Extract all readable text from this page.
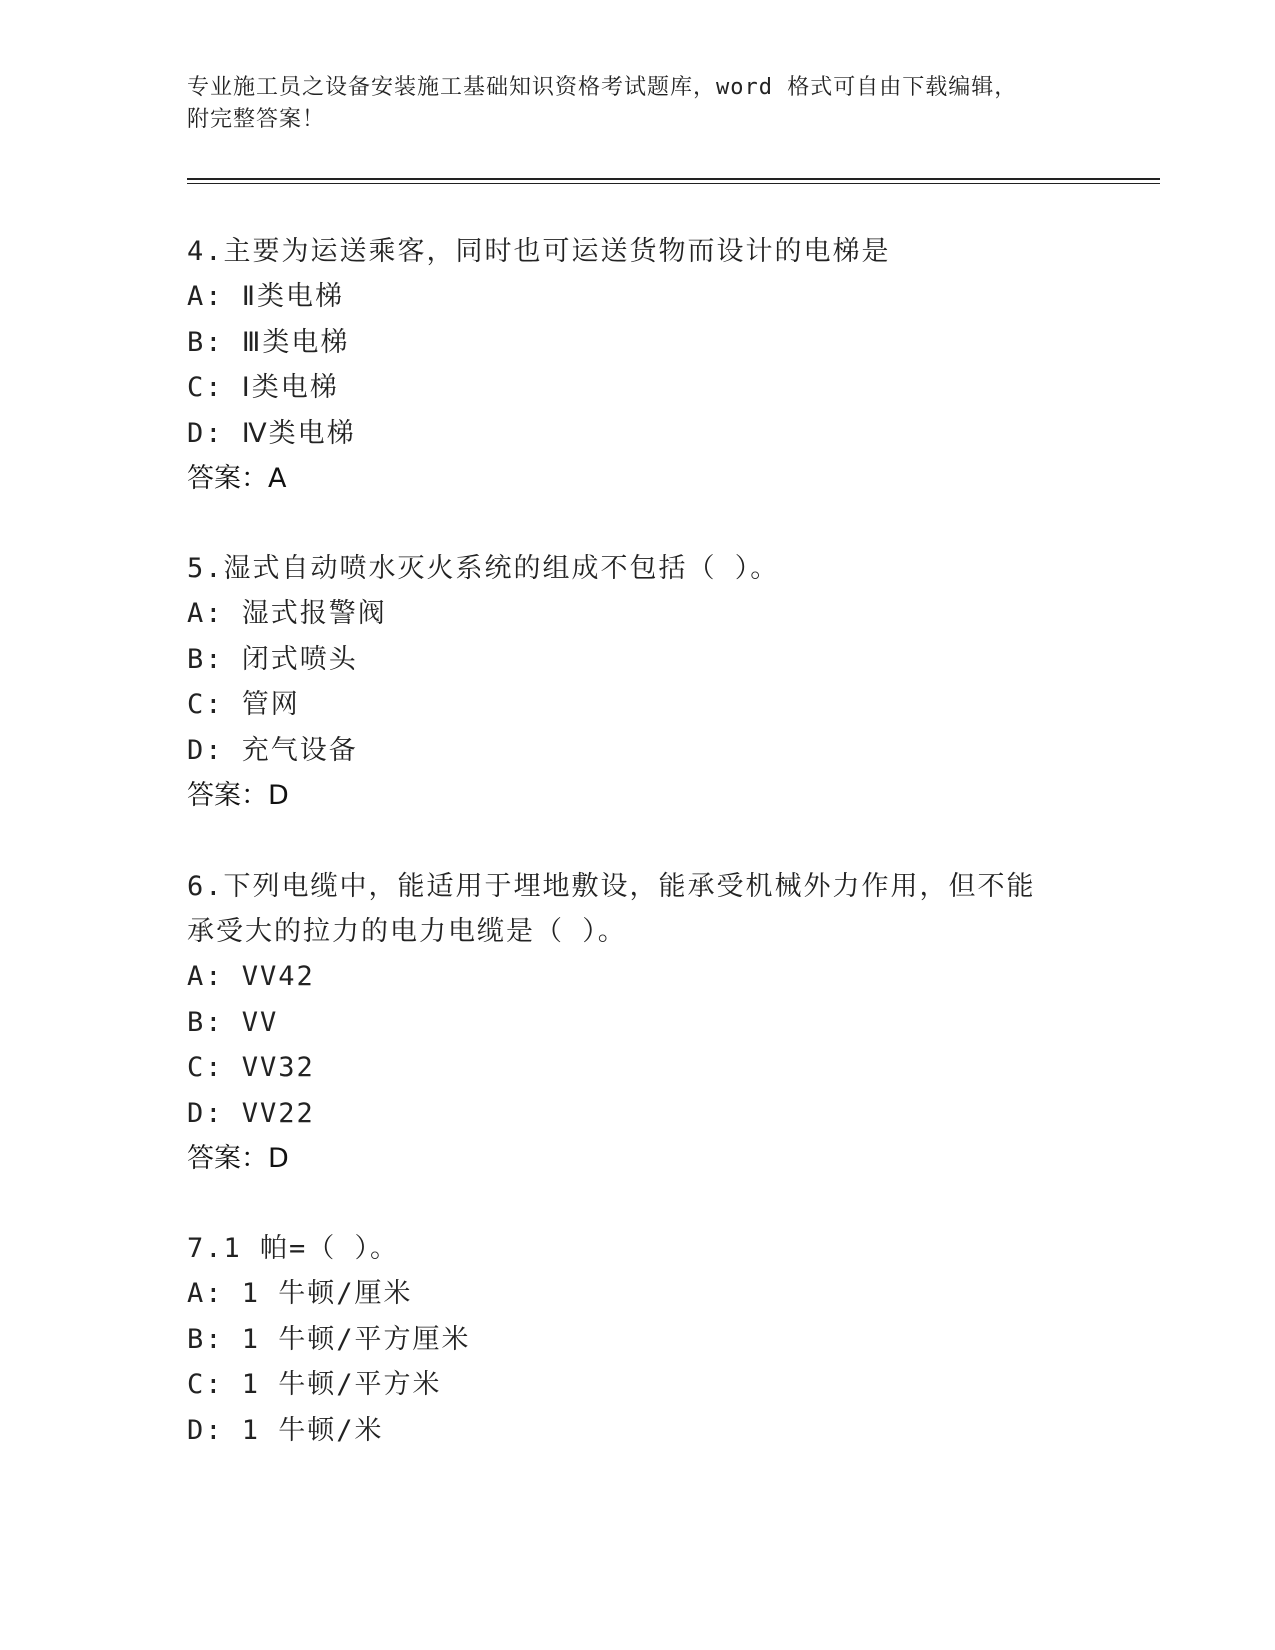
专业施工员之设备安装施工基础知识资格考试题库，word 格式可自由下载编辑，
附完整答案！

4.主要为运送乘客，同时也可运送货物而设计的电梯是

A: Ⅱ类电梯
B: Ⅲ类电梯
C: Ⅰ类电梯
D: Ⅳ类电梯
答案：A

5.湿式自动喷水灭火系统的组成不包括（ ）。

A: 湿式报警阀
B: 闭式喷头
C: 管网
D: 充气设备
答案：D

6.下列电缆中，能适用于埋地敷设，能承受机械外力作用，但不能承受大的拉力的电力电缆是（ ）。

A: VV42
B: VV
C: VV32
D: VV22
答案：D

7.1 帕=（ ）。

A: 1 牛顿/厘米
B: 1 牛顿/平方厘米
C: 1 牛顿/平方米
D: 1 牛顿/米
